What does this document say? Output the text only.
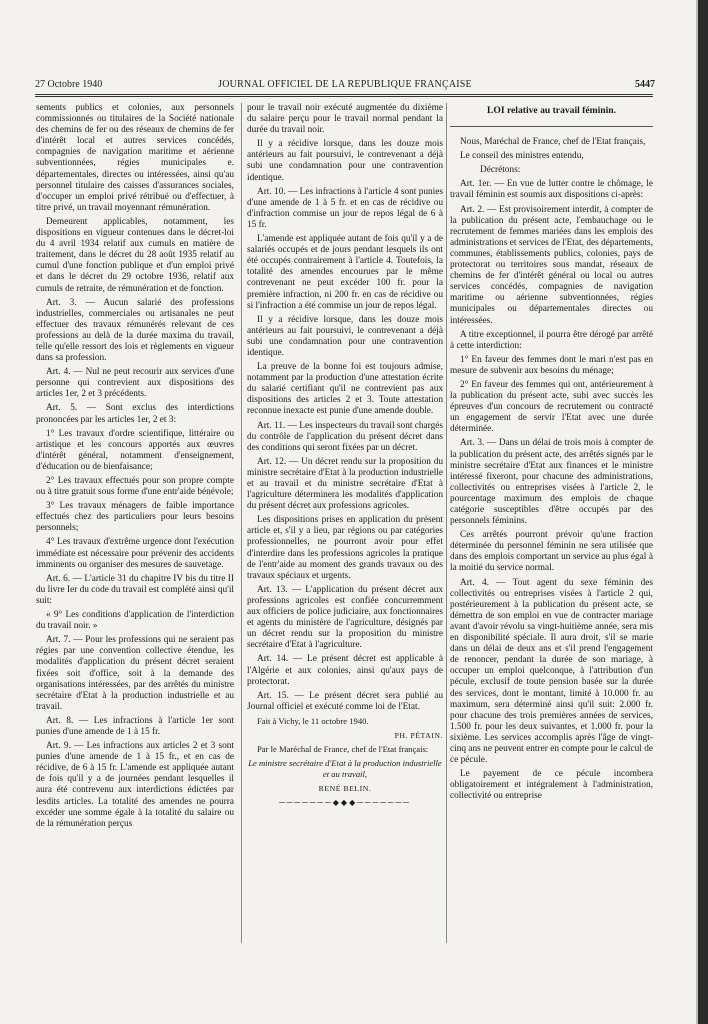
27 Octobre 1940	JOURNAL OFFICIEL DE LA REPUBLIQUE FRANÇAISE	5447

sements publics et colonies, aux personnels commissionnés ou titulaires de la Société nationale des chemins de fer ou des réseaux de chemins de fer d'intérêt local et autres services concédés, compagnies de navigation maritime et aérienne subventionnées, régies municipales e. départementales, directes ou intéressées, ainsi qu'au personnel titulaire des caisses d'assurances sociales, d'occuper un emploi privé rétribué ou d'effectuer, à titre privé, un travail moyennant rémunération.

Demeurent applicables, notamment, les dispositions en vigueur contenues dans le décret-loi du 4 avril 1934 relatif aux cumuls en matière de traitement, dans le décret du 28 août 1935 relatif au cumul d'une fonction publique et d'un emploi privé et dans le décret du 29 octobre 1936, relatif aux cumuls de retraite, de rémunération et de fonction.

Art. 3. — Aucun salarié des professions industrielles, commerciales ou artisanales ne peut effectuer des travaux rémunérés relevant de ces professions au delà de la durée maxima du travail, telle qu'elle ressort des lois et règlements en vigueur dans sa profession.

Art. 4. — Nul ne peut recourir aux services d'une personne qui contrevient aux dispositions des articles 1er, 2 et 3 précédents.

Art. 5. — Sont exclus des interdictions prononcées par les articles 1er, 2 et 3:

1° Les travaux d'ordre scientifique, littéraire ou artistique et les concours apportés aux œuvres d'intérêt général, notamment d'enseignement, d'éducation ou de bienfaisance;

2° Les travaux effectués pour son propre compte ou à titre gratuit sous forme d'une entr'aide bénévole;

3° Les travaux ménagers de faible importance effectués chez des particuliers pour leurs besoins personnels;

4° Les travaux d'extrême urgence dont l'exécution immédiate est nécessaire pour prévenir des accidents imminents ou organiser des mesures de sauvetage.

Art. 6. — L'article 31 du chapitre IV bis du titre II du livre Ier du code du travail est complété ainsi qu'il suit:

« 9° Les conditions d'application de l'interdiction du travail noir. »

Art. 7. — Pour les professions qui ne seraient pas régies par une convention collective étendue, les modalités d'application du présent décret seraient fixées soit d'office, soit à la demande des organisations intéressées, par des arrêtés du ministre secrétaire d'Etat à la production industrielle et au travail.

Art. 8. — Les infractions à l'article 1er sont punies d'une amende de 1 à 15 fr.

Art. 9. — Les infractions aux articles 2 et 3 sont punies d'une amende de 1 à 15 fr., et en cas de récidive, de 6 à 15 fr. L'amende est appliquée autant de fois qu'il y a de journées pendant lesquelles il aura été contrevenu aux interdictions édictées par lesdits articles. La totalité des amendes ne pourra excéder une somme égale à la totalité du salaire ou de la rémunération perçus

pour le travail noir exécuté augmentée du dixième du salaire perçu pour le travail normal pendant la durée du travail noir.

Il y a récidive lorsque, dans les douze mois antérieurs au fait poursuivi, le contrevenant a déjà subi une condamnation pour une contravention identique.

Art. 10. — Les infractions à l'article 4 sont punies d'une amende de 1 à 5 fr. et en cas de récidive ou d'infraction commise un jour de repos légal de 6 à 15 fr.

L'amende est appliquée autant de fois qu'il y a de salariés occupés et de jours pendant lesquels ils ont été occupés contrairement à l'article 4. Toutefois, la totalité des amendes encourues par le même contrevenant ne peut excéder 100 fr. pour la première infraction, ni 200 fr. en cas de récidive ou si l'infraction a été commise un jour de repos légal.

Il y a récidive lorsque, dans les douze mois antérieurs au fait poursuivi, le contrevenant a déjà subi une condamnation pour une contravention identique.

La preuve de la bonne foi est toujours admise, notamment par la production d'une attestation écrite du salarié certifiant qu'il ne contrevient pas aux dispositions des articles 2 et 3. Toute attestation reconnue inexacte est punie d'une amende double.

Art. 11. — Les inspecteurs du travail sont chargés du contrôle de l'application du présent décret dans des conditions qui seront fixées par un décret.

Art. 12. — Un décret rendu sur la proposition du ministre secrétaire d'Etat à la production industrielle et au travail et du ministre secrétaire d'Etat à l'agriculture déterminera les modalités d'application du présent décret aux professions agricoles.

Les dispositions prises en application du présent article et, s'il y a lieu, par régions ou par catégories professionnelles, ne pourront avoir pour effet d'interdire dans les professions agricoles la pratique de l'entr'aide au moment des grands travaux ou des travaux spéciaux et urgents.

Art. 13. — L'application du présent décret aux professions agricoles est confiée concurremment aux officiers de police judiciaire, aux fonctionnaires et agents du ministère de l'agriculture, désignés par un décret rendu sur la proposition du ministre secrétaire d'Etat à l'agriculture.

Art. 14. — Le présent décret est applicable à l'Algérie et aux colonies, ainsi qu'aux pays de protectorat.

Art. 15. — Le présent décret sera publié au Journal officiel et exécuté comme loi de l'Etat.

Fait à Vichy, le 11 octobre 1940.

PH. PÉTAIN.

Par le Maréchal de France, chef de l'Etat français:

Le ministre secrétaire d'Etat à la production industrielle et au travail,

RENÉ BELIN.

───────◆◆◆───────

LOI relative au travail féminin.

Nous, Maréchal de France, chef de l'Etat français,

Le conseil des ministres entendu,

Décrétons:

Art. 1er. — En vue de lutter contre le chômage, le travail féminin est soumis aux dispositions ci-après:

Art. 2. — Est provisoirement interdit, à compter de la publication du présent acte, l'embauchage ou le recrutement de femmes mariées dans les emplois des administrations et services de l'Etat, des départements, communes, établissements publics, colonies, pays de protectorat ou territoires sous mandat, réseaux de chemins de fer d'intérêt général ou local ou autres services concédés, compagnies de navigation maritime ou aérienne subventionnées, régies municipales ou départementales directes ou intéressées.

A titre exceptionnel, il pourra être dérogé par arrêté à cette interdiction:

1° En faveur des femmes dont le mari n'est pas en mesure de subvenir aux besoins du ménage;

2° En faveur des femmes qui ont, antérieurement à la publication du présent acte, subi avec succès les épreuves d'un concours de recrutement ou contracté un engagement de servir l'Etat avec une durée déterminée.

Art. 3. — Dans un délai de trois mois à compter de la publication du présent acte, des arrêtés signés par le ministre secrétaire d'Etat aux finances et le ministre intéressé fixeront, pour chacune des administrations, collectivités ou entreprises visées à l'article 2, le pourcentage maximum des emplois de chaque catégorie susceptibles d'être occupés par des personnels féminins.

Ces arrêtés pourront prévoir qu'une fraction déterminée du personnel féminin ne sera utilisée que dans des emplois comportant un service au plus égal à la moitié du service normal.

Art. 4. — Tout agent du sexe féminin des collectivités ou entreprises visées à l'article 2 qui, postérieurement à la publication du présent acte, se démettra de son emploi en vue de contracter mariage avant d'avoir révolu sa vingt-huitième année, sera mis en disponibilité spéciale. Il aura droit, s'il se marie dans un délai de deux ans et s'il prend l'engagement de renoncer, pendant la durée de son mariage, à occuper un emploi quelconque, à l'attribution d'un pécule, exclusif de toute pension basée sur la durée des services, dont le montant, limité à 10.000 fr. au maximum, sera déterminé ainsi qu'il suit: 2.000 fr. pour chacune des trois premières années de services, 1.500 fr. pour les deux suivantes, et 1.000 fr. pour la sixième. Les services accomplis après l'âge de vingt-cinq ans ne peuvent entrer en compte pour le calcul de ce pécule.

Le payement de ce pécule incombera obligatoirement et intégralement à l'administration, collectivité ou entreprise
